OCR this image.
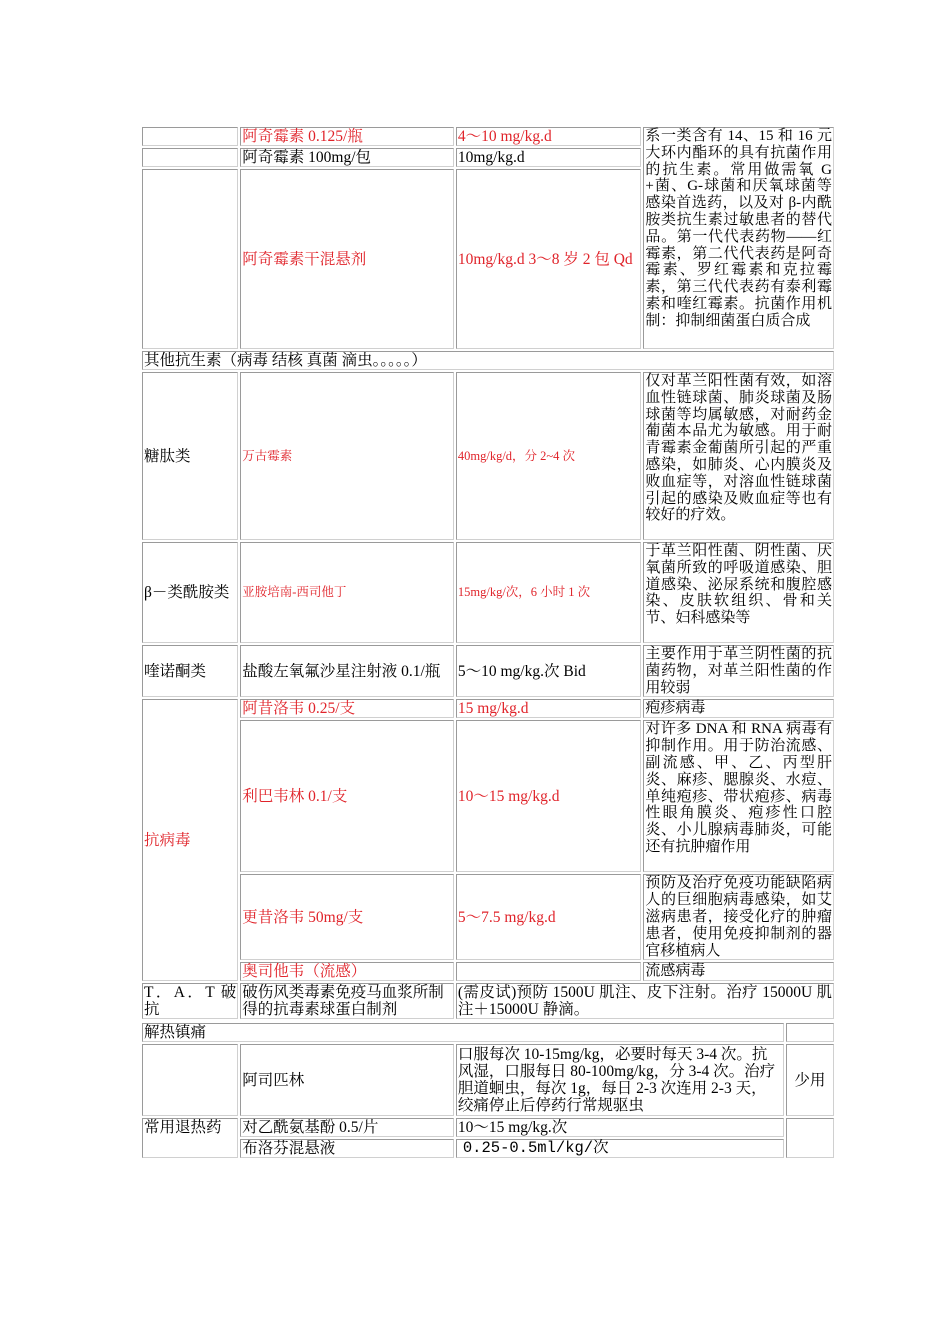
	阿奇霉素 0.125/瓶	4～10 mg/kg.d	系一类含有 14、15 和 16 元大环内酯环的具有抗菌作用的抗生素。常用做需氧 G+菌、G-球菌和厌氧球菌等感染首选药，以及对 β-内酰胺类抗生素过敏患者的替代品。第一代代表药物——红霉素，第二代代表药是阿奇霉素、罗红霉素和克拉霉素，第三代代表药有泰利霉素和喹红霉素。抗菌作用机制：抑制细菌蛋白质合成
	阿奇霉素 100mg/包	10mg/kg.d	
	阿奇霉素干混悬剂	10mg/kg.d 3～8 岁 2 包 Qd	
其他抗生素（病毒 结核 真菌 滴虫。。。。。）			
糖肽类	万古霉素	40mg/kg/d，分 2~4 次	仅对革兰阳性菌有效，如溶血性链球菌、肺炎球菌及肠球菌等均属敏感，对耐药金葡菌本品尤为敏感。用于耐青霉素金葡菌所引起的严重感染，如肺炎、心内膜炎及败血症等，对溶血性链球菌引起的感染及败血症等也有较好的疗效。
β－类酰胺类	亚胺培南-西司他丁	15mg/kg/次，6 小时 1 次	于革兰阳性菌、阴性菌、厌氧菌所致的呼吸道感染、胆道感染、泌尿系统和腹腔感染、皮肤软组织、骨和关节、妇科感染等
喹诺酮类	盐酸左氧氟沙星注射液 0.1/瓶	5～10 mg/kg.次 Bid	主要作用于革兰阴性菌的抗菌药物，对革兰阳性菌的作用较弱
抗病毒	阿昔洛韦 0.25/支	15 mg/kg.d	疱疹病毒
	利巴韦林 0.1/支	10～15 mg/kg.d	对许多 DNA 和 RNA 病毒有抑制作用。用于防治流感、副流感、甲、乙、丙型肝炎、麻疹、腮腺炎、水痘、单纯疱疹、带状疱疹、病毒性眼角膜炎、疱疹性口腔炎、小儿腺病毒肺炎，可能还有抗肿瘤作用
	更昔洛韦 50mg/支	5～7.5 mg/kg.d	预防及治疗免疫功能缺陷病人的巨细胞病毒感染，如艾滋病患者，接受化疗的肿瘤患者，使用免疫抑制剂的器官移植病人
	奥司他韦（流感）		流感病毒
T．A．T 破抗	破伤风类毒素免疫马血浆所制得的抗毒素球蛋白制剂	(需皮试)预防 1500U 肌注、皮下注射。治疗 15000U 肌注＋15000U 静滴。	
解热镇痛			
	阿司匹林	口服每次 10-15mg/kg，必要时每天 3-4 次。抗风湿，口服每日 80-100mg/kg，分 3-4 次。治疗胆道蛔虫，每次 1g，每日 2-3 次连用 2-3 天，绞痛停止后停药行常规驱虫	少用
常用退热药	对乙酰氨基酚 0.5/片	10～15 mg/kg.次	
	布洛芬混悬液	0.25-0.5ml/kg/次	
